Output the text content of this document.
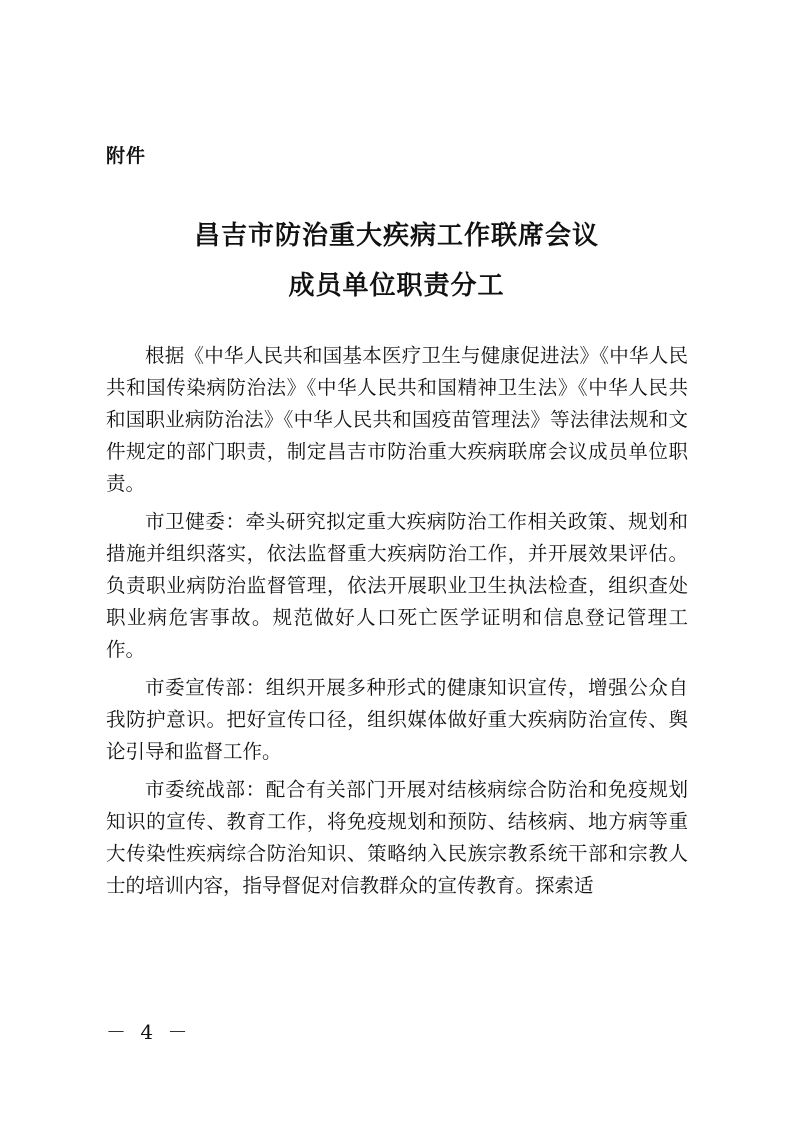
附件
昌吉市防治重大疾病工作联席会议
成员单位职责分工

根据《中华人民共和国基本医疗卫生与健康促进法》《中华人民共和国传染病防治法》《中华人民共和国精神卫生法》《中华人民共和国职业病防治法》《中华人民共和国疫苗管理法》等法律法规和文件规定的部门职责，制定昌吉市防治重大疾病联席会议成员单位职责。

市卫健委：牵头研究拟定重大疾病防治工作相关政策、规划和措施并组织落实，依法监督重大疾病防治工作，并开展效果评估。负责职业病防治监督管理，依法开展职业卫生执法检查，组织查处职业病危害事故。规范做好人口死亡医学证明和信息登记管理工作。

市委宣传部：组织开展多种形式的健康知识宣传，增强公众自我防护意识。把好宣传口径，组织媒体做好重大疾病防治宣传、舆论引导和监督工作。

市委统战部：配合有关部门开展对结核病综合防治和免疫规划知识的宣传、教育工作，将免疫规划和预防、结核病、地方病等重大传染性疾病综合防治知识、策略纳入民族宗教系统干部和宗教人士的培训内容，指导督促对信教群众的宣传教育。探索适

－ 4 －
